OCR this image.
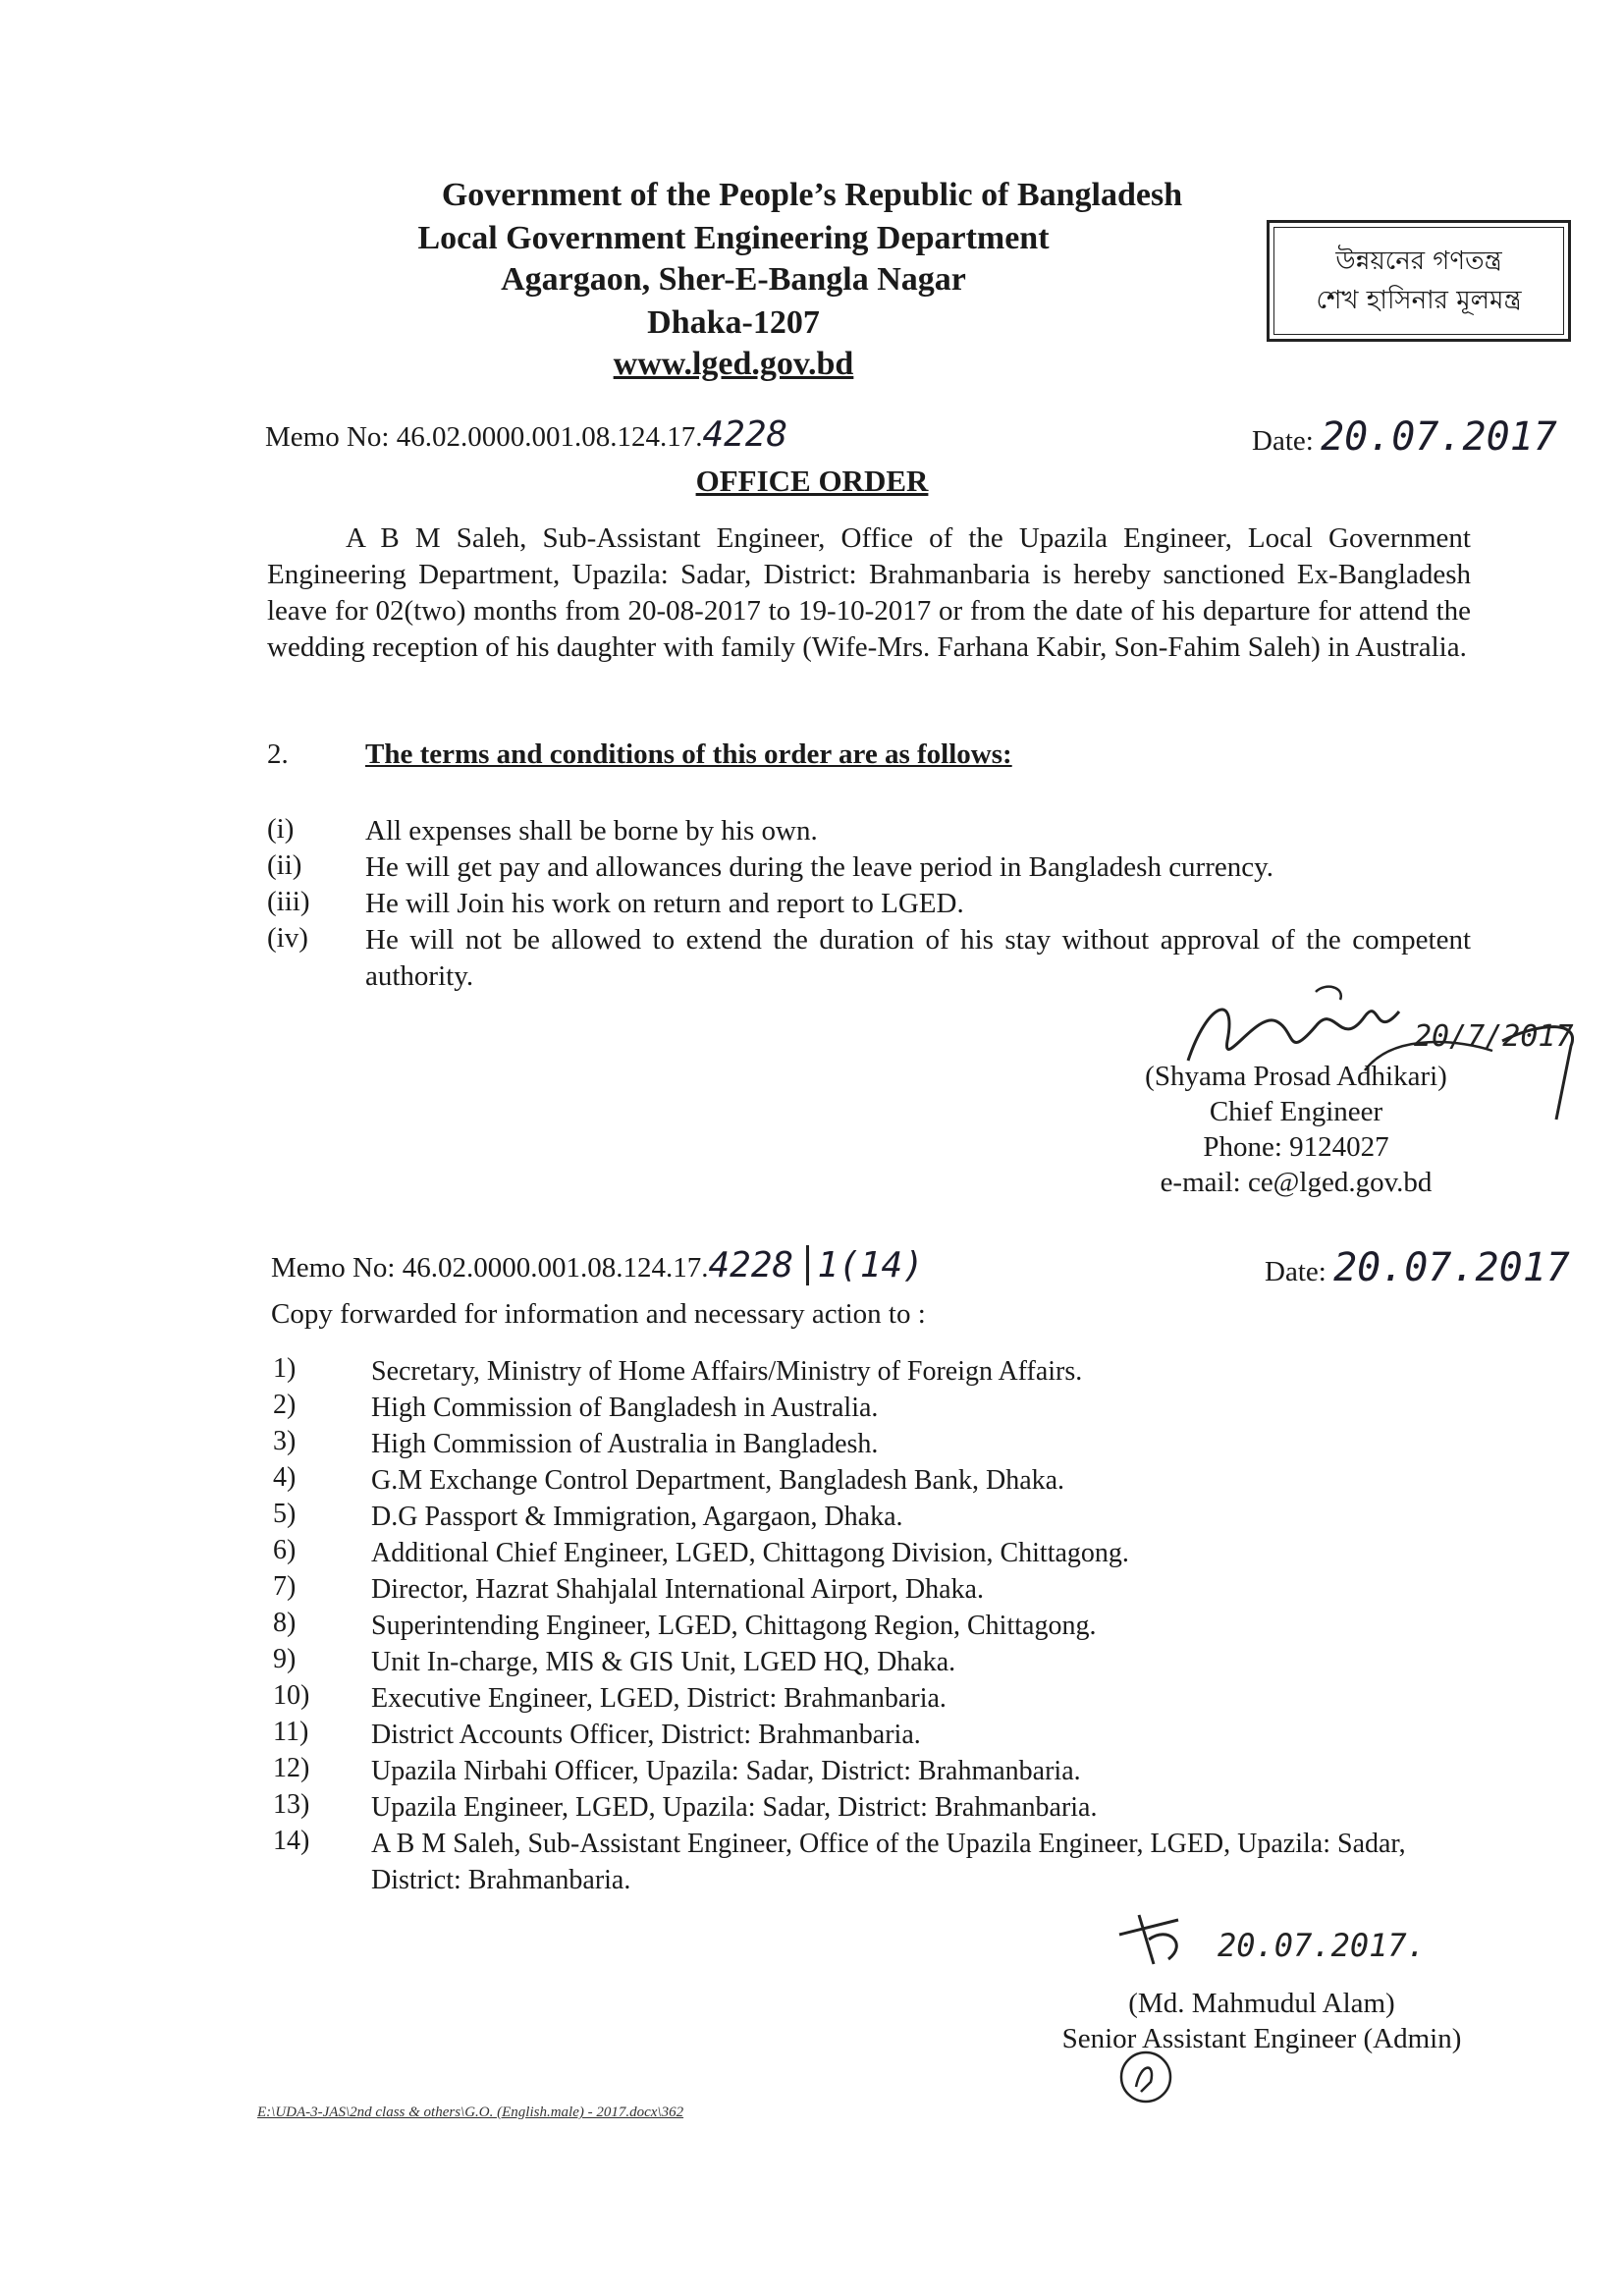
Government of the People’s Republic of Bangladesh
Local Government Engineering Department
Agargaon, Sher-E-Bangla Nagar
Dhaka-1207
www.lged.gov.bd
উন্নয়নের গণতন্ত্র
শেখ হাসিনার মূলমন্ত্র
Memo No: 46.02.0000.001.08.124.17.4228	Date: 20.07.2017
OFFICE ORDER
A B M Saleh, Sub-Assistant Engineer, Office of the Upazila Engineer, Local Government Engineering Department, Upazila: Sadar, District: Brahmanbaria is hereby sanctioned Ex-Bangladesh leave for 02(two) months from 20-08-2017 to 19-10-2017 or from the date of his departure for attend the wedding reception of his daughter with family (Wife-Mrs. Farhana Kabir, Son-Fahim Saleh) in Australia.
2.	The terms and conditions of this order are as follows:
(i)	All expenses shall be borne by his own.
(ii)	He will get pay and allowances during the leave period in Bangladesh currency.
(iii)	He will Join his work on return and report to LGED.
(iv)	He will not be allowed to extend the duration of his stay without approval of the competent authority.
20/7/2017
(Shyama Prosad Adhikari)
Chief Engineer
Phone: 9124027
e-mail: ce@lged.gov.bd
Memo No: 46.02.0000.001.08.124.17.4228 1(14)	Date: 20.07.2017
Copy forwarded for information and necessary action to :
1)	Secretary, Ministry of Home Affairs/Ministry of Foreign Affairs.
2)	High Commission of Bangladesh in Australia.
3)	High Commission of Australia in Bangladesh.
4)	G.M Exchange Control Department, Bangladesh Bank, Dhaka.
5)	D.G Passport & Immigration, Agargaon, Dhaka.
6)	Additional Chief Engineer, LGED, Chittagong Division, Chittagong.
7)	Director, Hazrat Shahjalal International Airport, Dhaka.
8)	Superintending Engineer, LGED, Chittagong Region, Chittagong.
9)	Unit In-charge, MIS & GIS Unit, LGED HQ, Dhaka.
10)	Executive Engineer, LGED, District: Brahmanbaria.
11)	District Accounts Officer, District: Brahmanbaria.
12)	Upazila Nirbahi Officer, Upazila: Sadar, District: Brahmanbaria.
13)	Upazila Engineer, LGED, Upazila: Sadar, District: Brahmanbaria.
14)	A B M Saleh, Sub-Assistant Engineer, Office of the Upazila Engineer, LGED, Upazila: Sadar, District: Brahmanbaria.
20.07.2017.
(Md. Mahmudul Alam)
Senior Assistant Engineer (Admin)
E:\UDA-3-JAS\2nd class & others\G.O. (English.male) - 2017.docx\362
